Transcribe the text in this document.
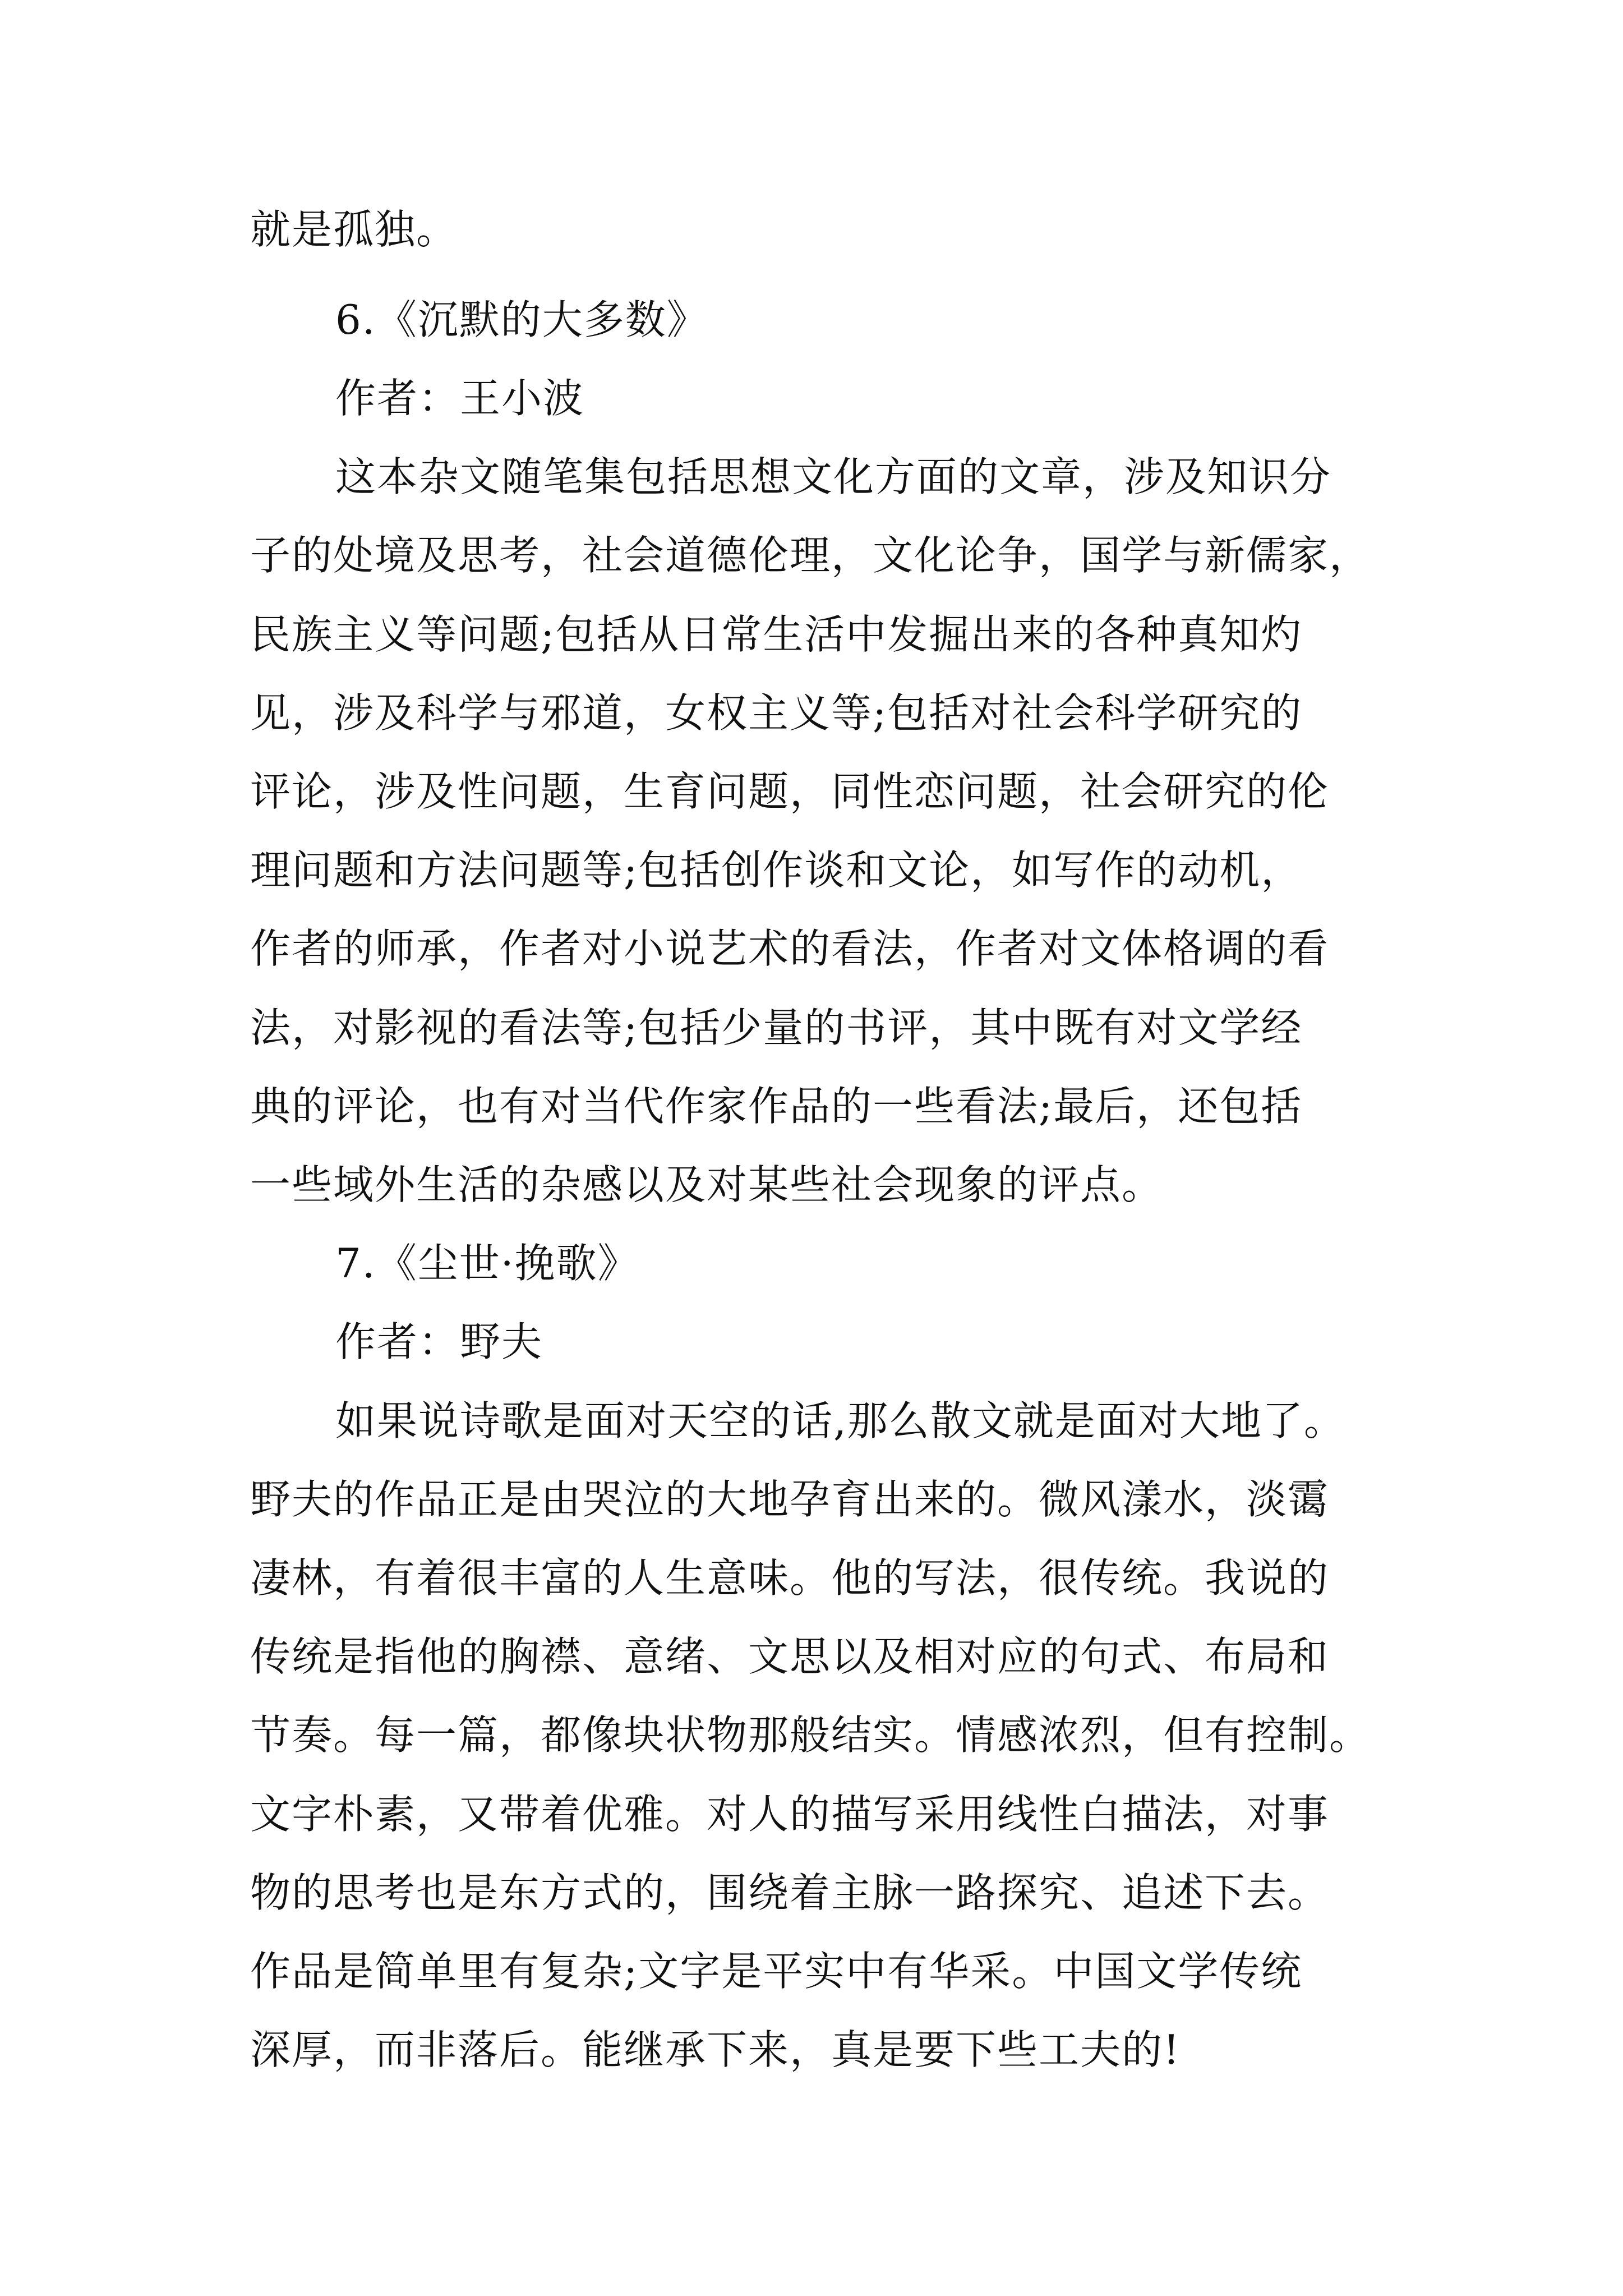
就是孤独。
6.《沉默的大多数》
作者：王小波
这本杂文随笔集包括思想文化方面的文章，涉及知识分
子的处境及思考，社会道德伦理，文化论争，国学与新儒家，
民族主义等问题;包括从日常生活中发掘出来的各种真知灼
见，涉及科学与邪道，女权主义等;包括对社会科学研究的
评论，涉及性问题，生育问题，同性恋问题，社会研究的伦
理问题和方法问题等;包括创作谈和文论，如写作的动机，
作者的师承，作者对小说艺术的看法，作者对文体格调的看
法，对影视的看法等;包括少量的书评，其中既有对文学经
典的评论，也有对当代作家作品的一些看法;最后，还包括
一些域外生活的杂感以及对某些社会现象的评点。
7.《尘世·挽歌》
作者：野夫
如果说诗歌是面对天空的话,那么散文就是面对大地了。
野夫的作品正是由哭泣的大地孕育出来的。微风漾水，淡霭
凄林，有着很丰富的人生意味。他的写法，很传统。我说的
传统是指他的胸襟、意绪、文思以及相对应的句式、布局和
节奏。每一篇，都像块状物那般结实。情感浓烈，但有控制。
文字朴素，又带着优雅。对人的描写采用线性白描法，对事
物的思考也是东方式的，围绕着主脉一路探究、追述下去。
作品是简单里有复杂;文字是平实中有华采。中国文学传统
深厚，而非落后。能继承下来，真是要下些工夫的!
